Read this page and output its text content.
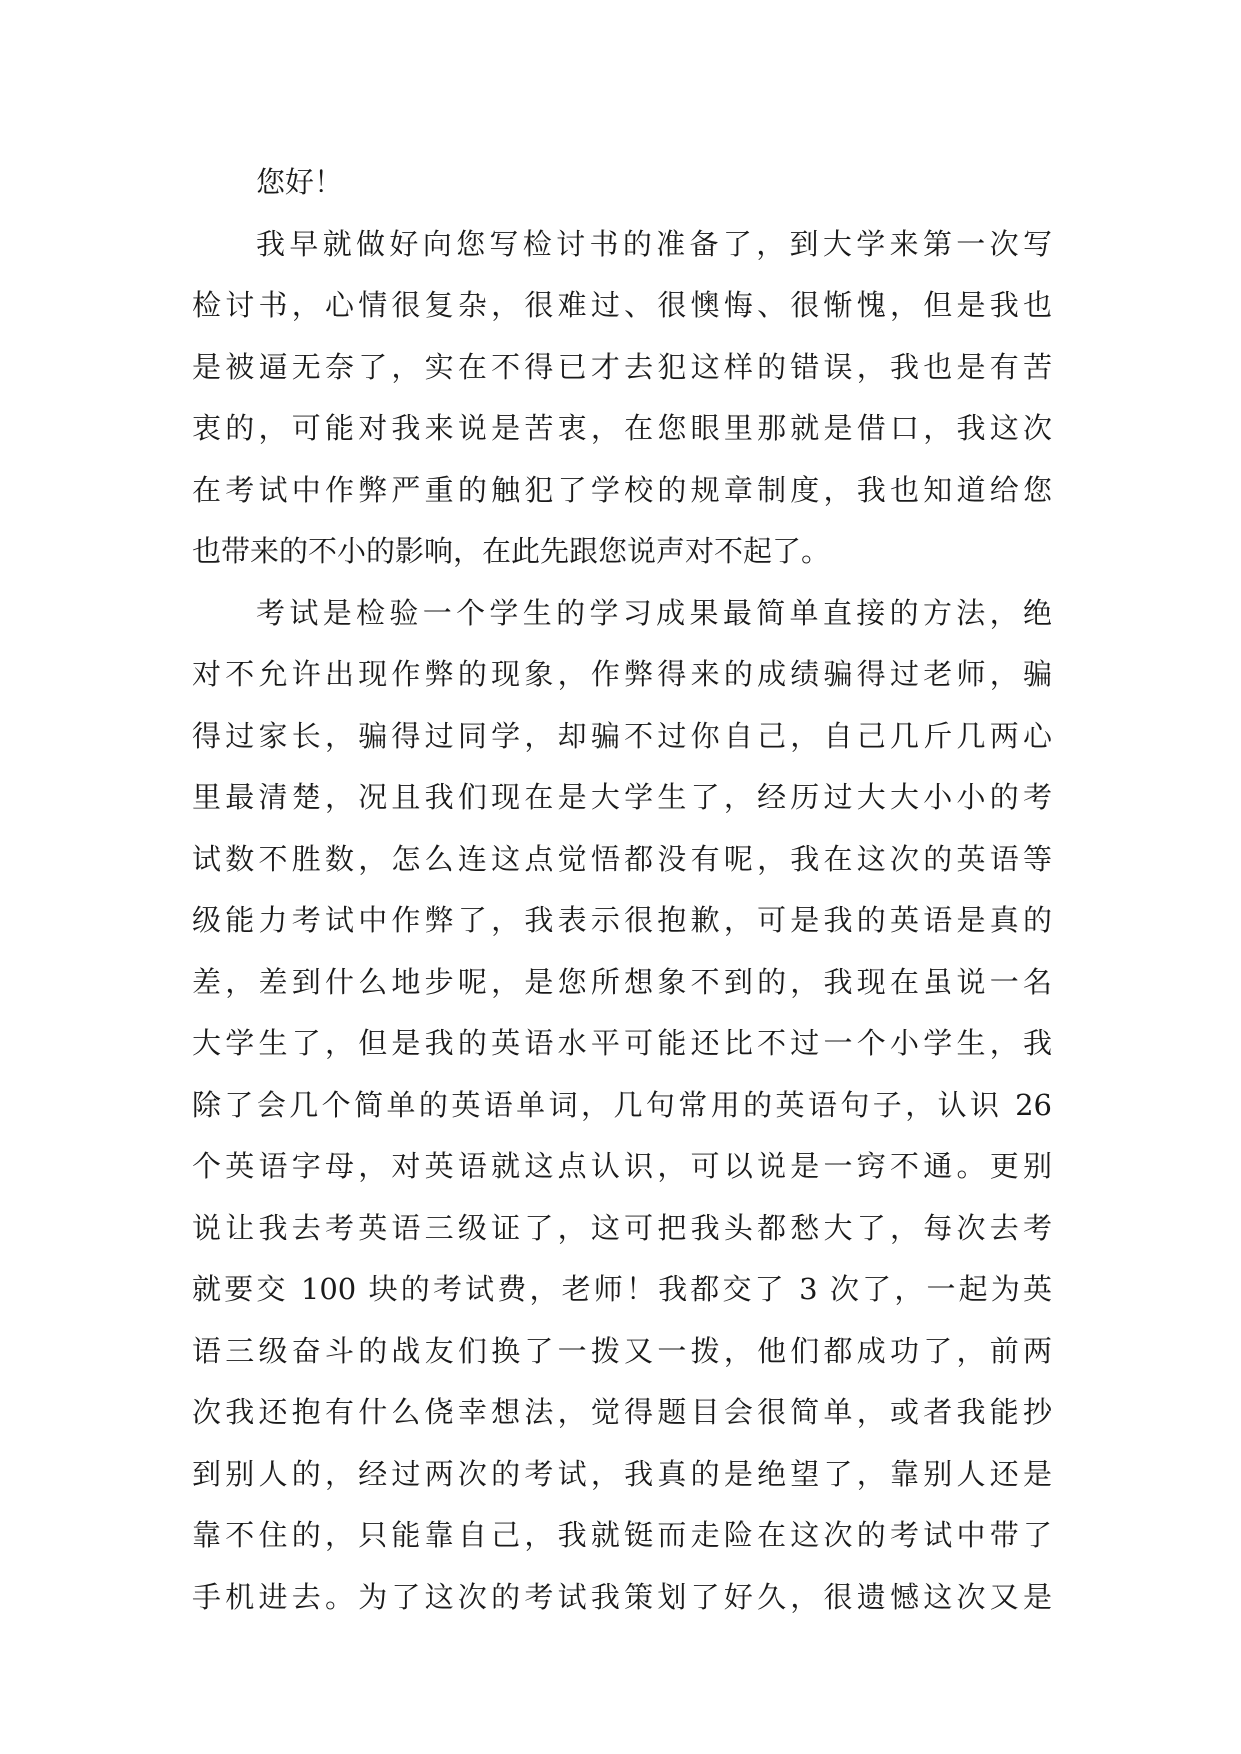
您好！
我早就做好向您写检讨书的准备了，到大学来第一次写
检讨书，心情很复杂，很难过、很懊悔、很惭愧，但是我也
是被逼无奈了，实在不得已才去犯这样的错误，我也是有苦
衷的，可能对我来说是苦衷，在您眼里那就是借口，我这次
在考试中作弊严重的触犯了学校的规章制度，我也知道给您
也带来的不小的影响，在此先跟您说声对不起了。
考试是检验一个学生的学习成果最简单直接的方法，绝
对不允许出现作弊的现象，作弊得来的成绩骗得过老师，骗
得过家长，骗得过同学，却骗不过你自己，自己几斤几两心
里最清楚，况且我们现在是大学生了，经历过大大小小的考
试数不胜数，怎么连这点觉悟都没有呢，我在这次的英语等
级能力考试中作弊了，我表示很抱歉，可是我的英语是真的
差，差到什么地步呢，是您所想象不到的，我现在虽说一名
大学生了，但是我的英语水平可能还比不过一个小学生，我
除了会几个简单的英语单词，几句常用的英语句子，认识 26
个英语字母，对英语就这点认识，可以说是一窍不通。更别
说让我去考英语三级证了，这可把我头都愁大了，每次去考
就要交 100 块的考试费，老师！我都交了 3 次了，一起为英
语三级奋斗的战友们换了一拨又一拨，他们都成功了，前两
次我还抱有什么侥幸想法，觉得题目会很简单，或者我能抄
到别人的，经过两次的考试，我真的是绝望了，靠别人还是
靠不住的，只能靠自己，我就铤而走险在这次的考试中带了
手机进去。为了这次的考试我策划了好久，很遗憾这次又是
